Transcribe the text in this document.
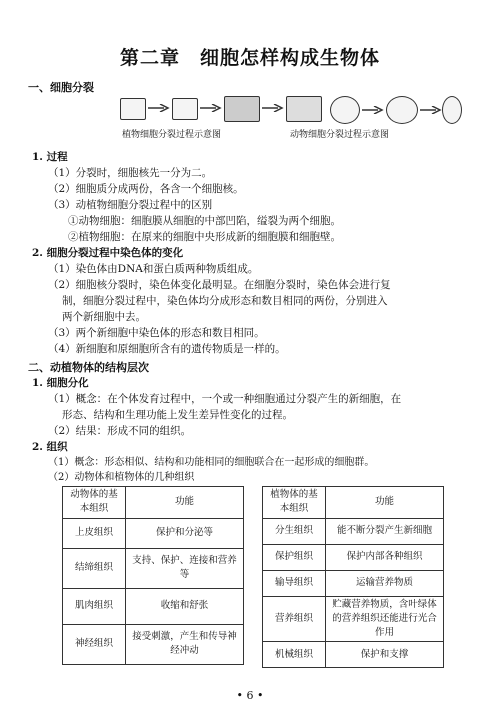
第二章　细胞怎样构成生物体
一、细胞分裂
植物细胞分裂过程示意图	动物细胞分裂过程示意图
1. 过程
（1）分裂时，细胞核先一分为二。
（2）细胞质分成两份，各含一个细胞核。
（3）动植物细胞分裂过程中的区别
①动物细胞：细胞膜从细胞的中部凹陷，缢裂为两个细胞。
②植物细胞：在原来的细胞中央形成新的细胞膜和细胞壁。
2. 细胞分裂过程中染色体的变化
（1）染色体由DNA和蛋白质两种物质组成。
（2）细胞核分裂时，染色体变化最明显。在细胞分裂时，染色体会进行复
制，细胞分裂过程中，染色体均分成形态和数目相同的两份，分别进入
两个新细胞中去。
（3）两个新细胞中染色体的形态和数目相同。
（4）新细胞和原细胞所含有的遗传物质是一样的。
二、动植物体的结构层次
1. 细胞分化
（1）概念：在个体发育过程中，一个或一种细胞通过分裂产生的新细胞，在
形态、结构和生理功能上发生差异性变化的过程。
（2）结果：形成不同的组织。
2. 组织
（1）概念：形态相似、结构和功能相同的细胞联合在一起形成的细胞群。
动物体的基本组织	功能
上皮组织	保护和分泌等
结缔组织	支持、保护、连接和营养等
肌肉组织	收缩和舒张
神经组织	接受刺激，产生和传导神经冲动
植物体的基本组织	功能
分生组织	能不断分裂产生新细胞
保护组织	保护内部各种组织
输导组织	运输营养物质
营养组织	贮藏营养物质，含叶绿体的营养组织还能进行光合作用
机械组织	保护和支撑
• 6 •
（2）动物体和植物体的几种组织
